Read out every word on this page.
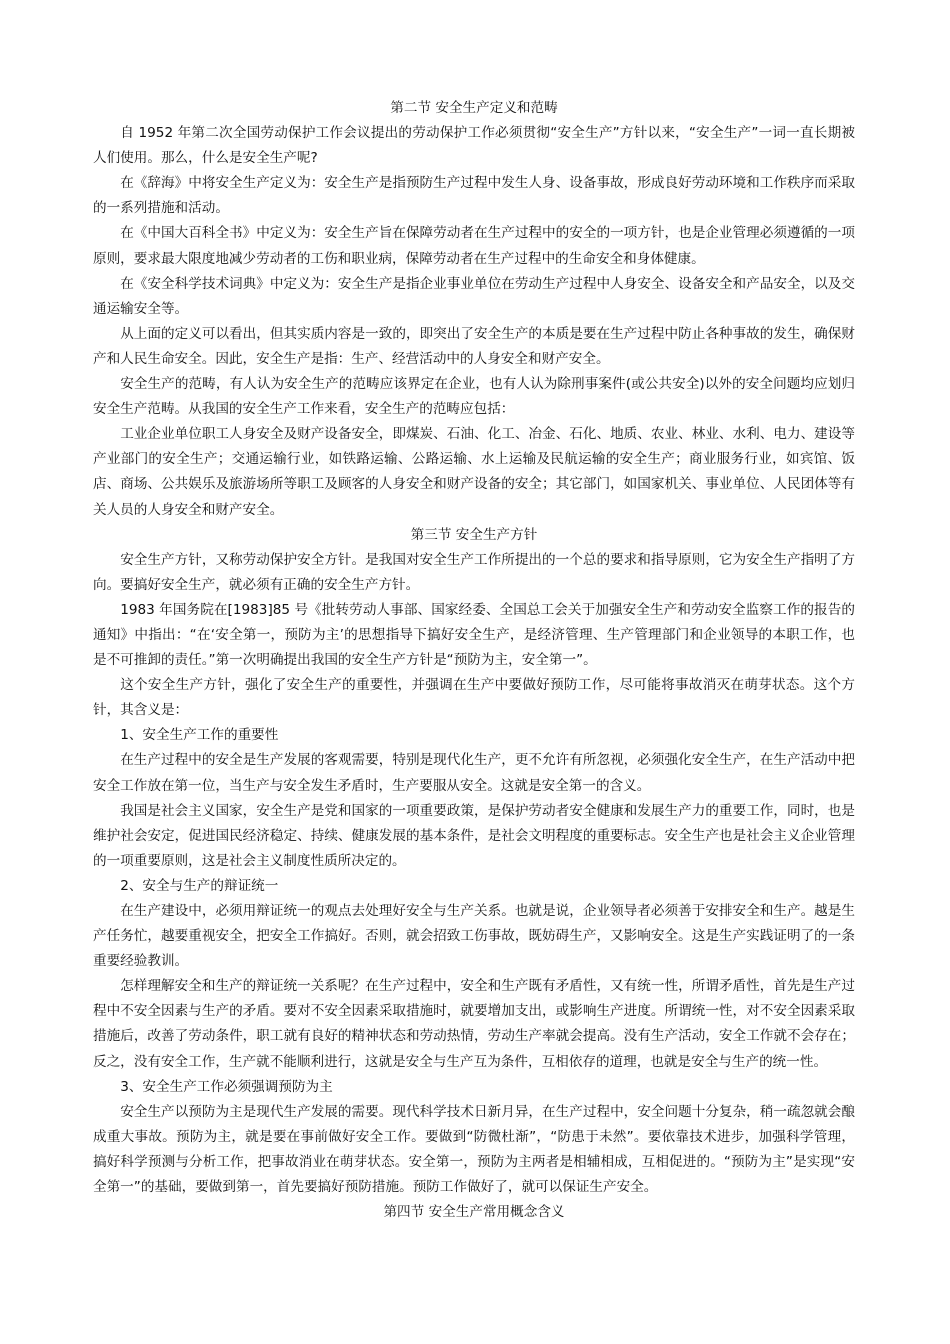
第二节 安全生产定义和范畴

自 1952 年第二次全国劳动保护工作会议提出的劳动保护工作必须贯彻“安全生产”方针以来，“安全生产”一词一直长期被人们使用。那么，什么是安全生产呢?

在《辞海》中将安全生产定义为：安全生产是指预防生产过程中发生人身、设备事故，形成良好劳动环境和工作秩序而采取的一系列措施和活动。

在《中国大百科全书》中定义为：安全生产旨在保障劳动者在生产过程中的安全的一项方针，也是企业管理必须遵循的一项原则，要求最大限度地减少劳动者的工伤和职业病，保障劳动者在生产过程中的生命安全和身体健康。

在《安全科学技术词典》中定义为：安全生产是指企业事业单位在劳动生产过程中人身安全、设备安全和产品安全，以及交通运输安全等。

从上面的定义可以看出，但其实质内容是一致的，即突出了安全生产的本质是要在生产过程中防止各种事故的发生，确保财产和人民生命安全。因此，安全生产是指：生产、经营活动中的人身安全和财产安全。

安全生产的范畴，有人认为安全生产的范畴应该界定在企业，也有人认为除刑事案件(或公共安全)以外的安全问题均应划归安全生产范畴。从我国的安全生产工作来看，安全生产的范畴应包括：

工业企业单位职工人身安全及财产设备安全，即煤炭、石油、化工、冶金、石化、地质、农业、林业、水利、电力、建设等产业部门的安全生产；交通运输行业，如铁路运输、公路运输、水上运输及民航运输的安全生产；商业服务行业，如宾馆、饭店、商场、公共娱乐及旅游场所等职工及顾客的人身安全和财产设备的安全；其它部门，如国家机关、事业单位、人民团体等有关人员的人身安全和财产安全。

第三节 安全生产方针

安全生产方针，又称劳动保护安全方针。是我国对安全生产工作所提出的一个总的要求和指导原则，它为安全生产指明了方向。要搞好安全生产，就必须有正确的安全生产方针。

1983 年国务院在[1983]85 号《批转劳动人事部、国家经委、全国总工会关于加强安全生产和劳动安全监察工作的报告的通知》中指出：“在‘安全第一，预防为主’的思想指导下搞好安全生产，是经济管理、生产管理部门和企业领导的本职工作，也是不可推卸的责任。”第一次明确提出我国的安全生产方针是“预防为主，安全第一”。

这个安全生产方针，强化了安全生产的重要性，并强调在生产中要做好预防工作，尽可能将事故消灭在萌芽状态。这个方针，其含义是：

1、安全生产工作的重要性

在生产过程中的安全是生产发展的客观需要，特别是现代化生产，更不允许有所忽视，必须强化安全生产，在生产活动中把安全工作放在第一位，当生产与安全发生矛盾时，生产要服从安全。这就是安全第一的含义。

我国是社会主义国家，安全生产是党和国家的一项重要政策，是保护劳动者安全健康和发展生产力的重要工作，同时，也是维护社会安定，促进国民经济稳定、持续、健康发展的基本条件，是社会文明程度的重要标志。安全生产也是社会主义企业管理的一项重要原则，这是社会主义制度性质所决定的。

2、安全与生产的辩证统一

在生产建设中，必须用辩证统一的观点去处理好安全与生产关系。也就是说，企业领导者必须善于安排安全和生产。越是生产任务忙，越要重视安全，把安全工作搞好。否则，就会招致工伤事故，既妨碍生产，又影响安全。这是生产实践证明了的一条重要经验教训。

怎样理解安全和生产的辩证统一关系呢？在生产过程中，安全和生产既有矛盾性，又有统一性，所谓矛盾性，首先是生产过程中不安全因素与生产的矛盾。要对不安全因素采取措施时，就要增加支出，或影响生产进度。所谓统一性，对不安全因素采取措施后，改善了劳动条件，职工就有良好的精神状态和劳动热情，劳动生产率就会提高。没有生产活动，安全工作就不会存在；反之，没有安全工作，生产就不能顺利进行，这就是安全与生产互为条件，互相依存的道理，也就是安全与生产的统一性。

3、安全生产工作必须强调预防为主

安全生产以预防为主是现代生产发展的需要。现代科学技术日新月异，在生产过程中，安全问题十分复杂，稍一疏忽就会酿成重大事故。预防为主，就是要在事前做好安全工作。要做到“防微杜渐”，“防患于未然”。要依靠技术进步，加强科学管理，搞好科学预测与分析工作，把事故消业在萌芽状态。安全第一，预防为主两者是相辅相成，互相促进的。“预防为主”是实现“安全第一”的基础，要做到第一，首先要搞好预防措施。预防工作做好了，就可以保证生产安全。

第四节 安全生产常用概念含义
